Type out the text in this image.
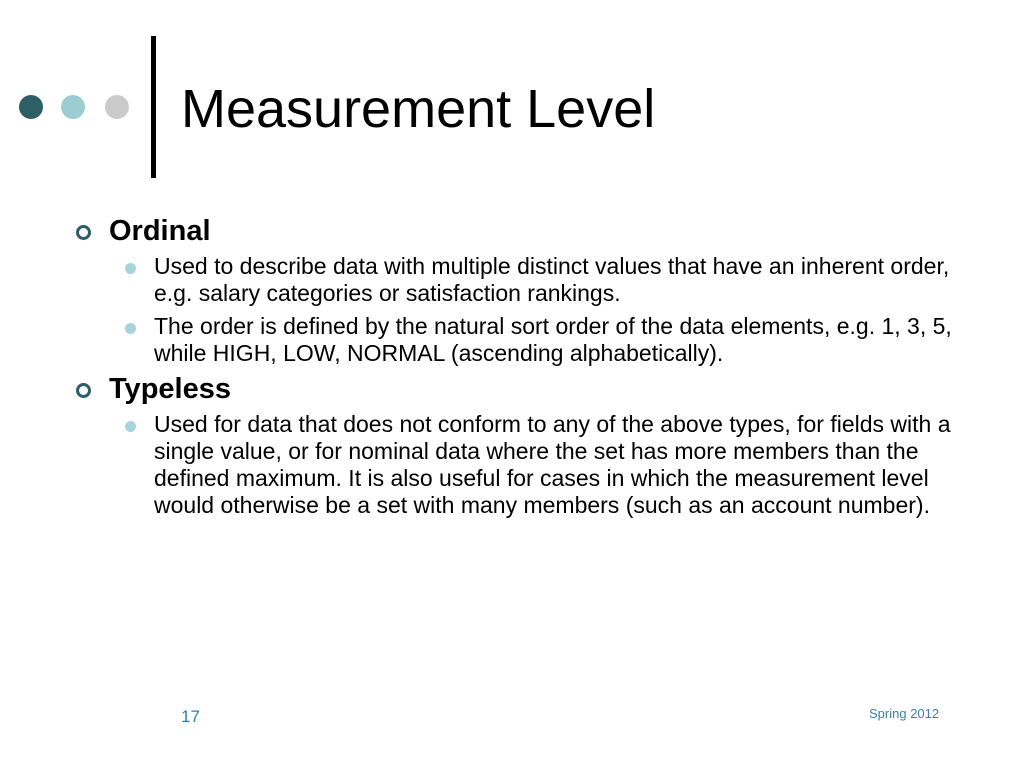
Measurement Level
Ordinal
Used to describe data with multiple distinct values that have an inherent order, e.g. salary categories or satisfaction rankings.
The order is defined by the natural sort order of the data elements, e.g. 1, 3, 5, while HIGH, LOW, NORMAL (ascending alphabetically).
Typeless
Used for data that does not conform to any of the above types, for fields with a single value, or for nominal data where the set has more members than the defined maximum. It is also useful for cases in which the measurement level would otherwise be a set with many members (such as an account number).
17	Spring 2012
